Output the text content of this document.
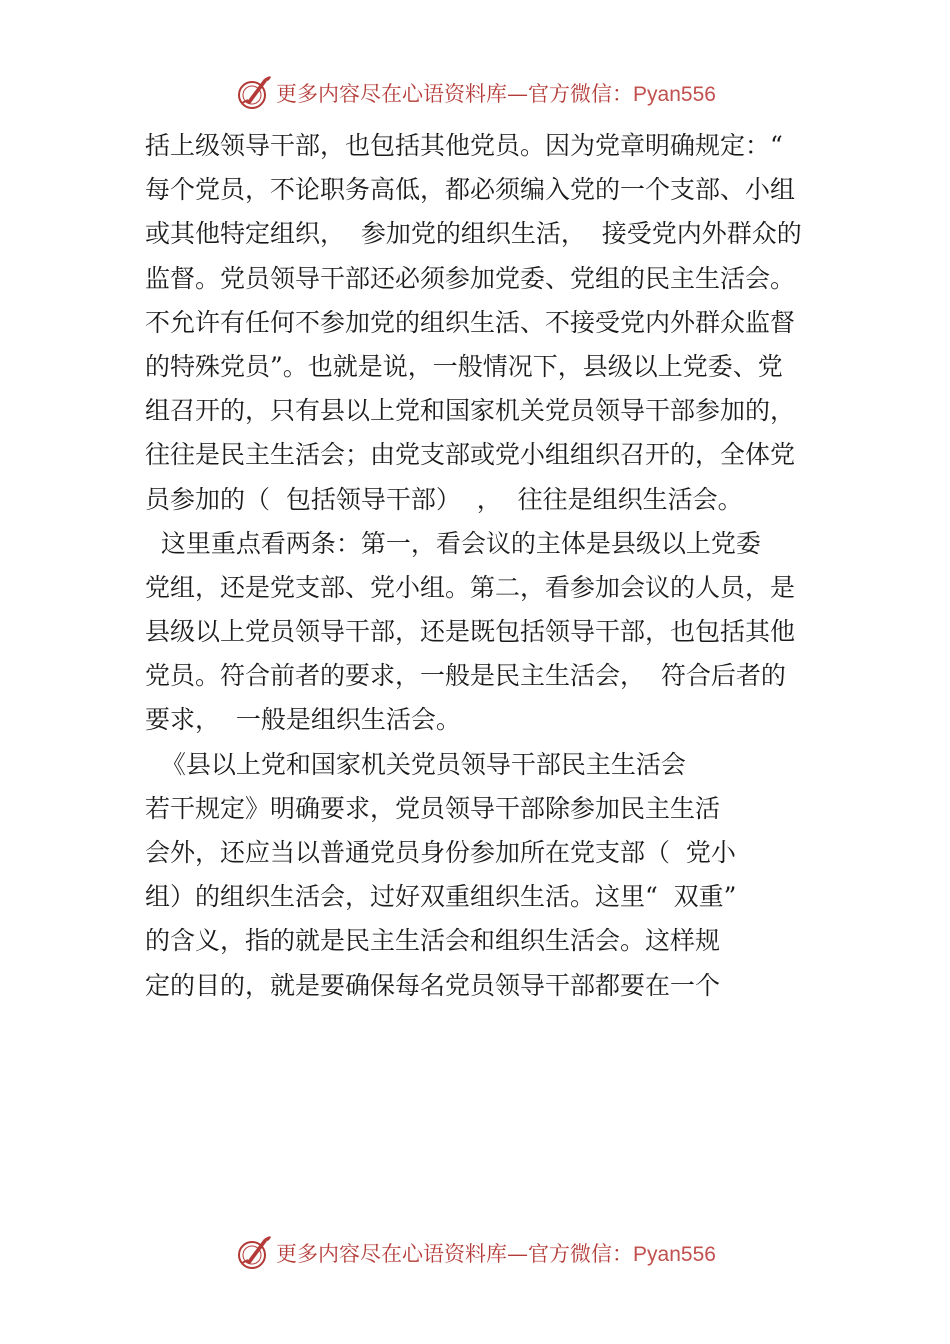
更多内容尽在心语资料库—官方微信：Pyan556
括上级领导干部，也包括其他党员。因为党章明确规定：“
每个党员，不论职务高低，都必须编入党的一个支部、小组
或其他特定组织，  参加党的组织生活，  接受党内外群众的
监督。党员领导干部还必须参加党委、党组的民主生活会。
不允许有任何不参加党的组织生活、不接受党内外群众监督
的特殊党员”。也就是说，一般情况下，县级以上党委、党
组召开的，只有县以上党和国家机关党员领导干部参加的，
往往是民主生活会；由党支部或党小组组织召开的，全体党
员参加的（  包括领导干部）  ，  往往是组织生活会。
这里重点看两条：第一，看会议的主体是县级以上党委
党组，还是党支部、党小组。第二，看参加会议的人员，是
县级以上党员领导干部，还是既包括领导干部，也包括其他
党员。符合前者的要求，一般是民主生活会，  符合后者的
要求，  一般是组织生活会。
《县以上党和国家机关党员领导干部民主生活会
若干规定》明确要求，党员领导干部除参加民主生活
会外，还应当以普通党员身份参加所在党支部（  党小
组）的组织生活会，过好双重组织生活。这里“  双重”
的含义，指的就是民主生活会和组织生活会。这样规
定的目的，就是要确保每名党员领导干部都要在一个
更多内容尽在心语资料库—官方微信：Pyan556
